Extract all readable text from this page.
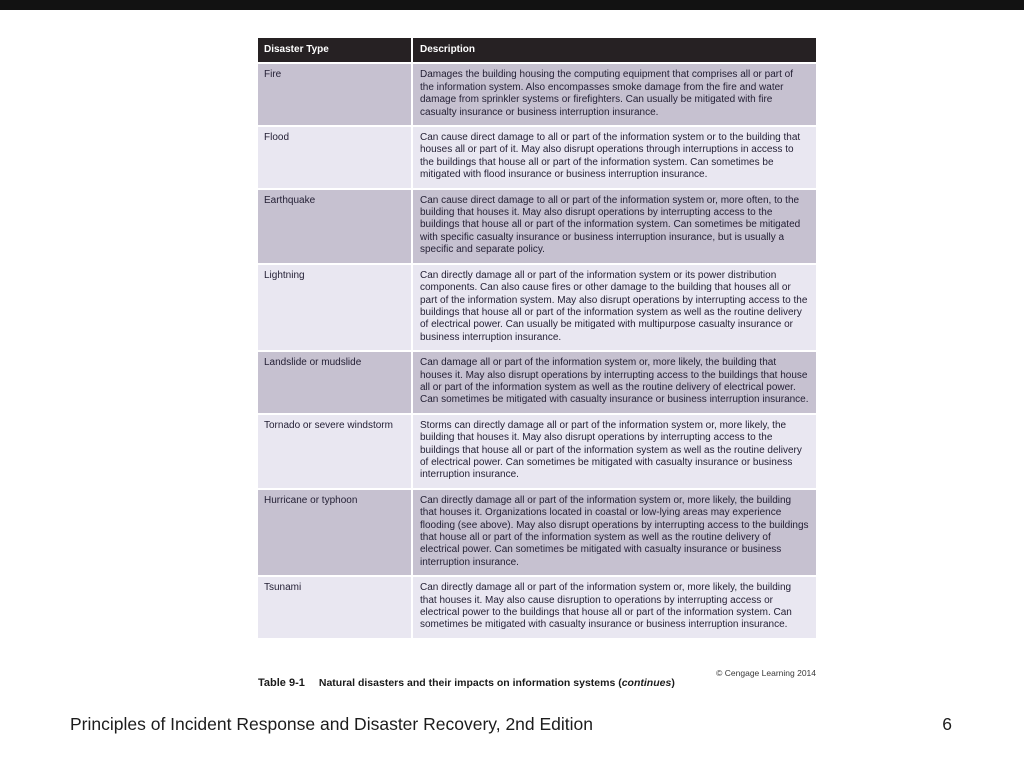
Disaster Type	Description
Fire	Damages the building housing the computing equipment that comprises all or part of the information system. Also encompasses smoke damage from the fire and water damage from sprinkler systems or firefighters. Can usually be mitigated with fire casualty insurance or business interruption insurance.
Flood	Can cause direct damage to all or part of the information system or to the building that houses all or part of it. May also disrupt operations through interruptions in access to the buildings that house all or part of the information system. Can sometimes be mitigated with flood insurance or business interruption insurance.
Earthquake	Can cause direct damage to all or part of the information system or, more often, to the building that houses it. May also disrupt operations by interrupting access to the buildings that house all or part of the information system. Can sometimes be mitigated with specific casualty insurance or business interruption insurance, but is usually a specific and separate policy.
Lightning	Can directly damage all or part of the information system or its power distribution components. Can also cause fires or other damage to the building that houses all or part of the information system. May also disrupt operations by interrupting access to the buildings that house all or part of the information system as well as the routine delivery of electrical power. Can usually be mitigated with multipurpose casualty insurance or business interruption insurance.
Landslide or mudslide	Can damage all or part of the information system or, more likely, the building that houses it. May also disrupt operations by interrupting access to the buildings that house all or part of the information system as well as the routine delivery of electrical power. Can sometimes be mitigated with casualty insurance or business interruption insurance.
Tornado or severe windstorm	Storms can directly damage all or part of the information system or, more likely, the building that houses it. May also disrupt operations by interrupting access to the buildings that house all or part of the information system as well as the routine delivery of electrical power. Can sometimes be mitigated with casualty insurance or business interruption insurance.
Hurricane or typhoon	Can directly damage all or part of the information system or, more likely, the building that houses it. Organizations located in coastal or low-lying areas may experience flooding (see above). May also disrupt operations by interrupting access to the buildings that house all or part of the information system as well as the routine delivery of electrical power. Can sometimes be mitigated with casualty insurance or business interruption insurance.
Tsunami	Can directly damage all or part of the information system or, more likely, the building that houses it. May also cause disruption to operations by interrupting access or electrical power to the buildings that house all or part of the information system. Can sometimes be mitigated with casualty insurance or business interruption insurance.
© Cengage Learning 2014
Table 9-1 Natural disasters and their impacts on information systems (continues)
Principles of Incident Response and Disaster Recovery, 2nd Edition	6
